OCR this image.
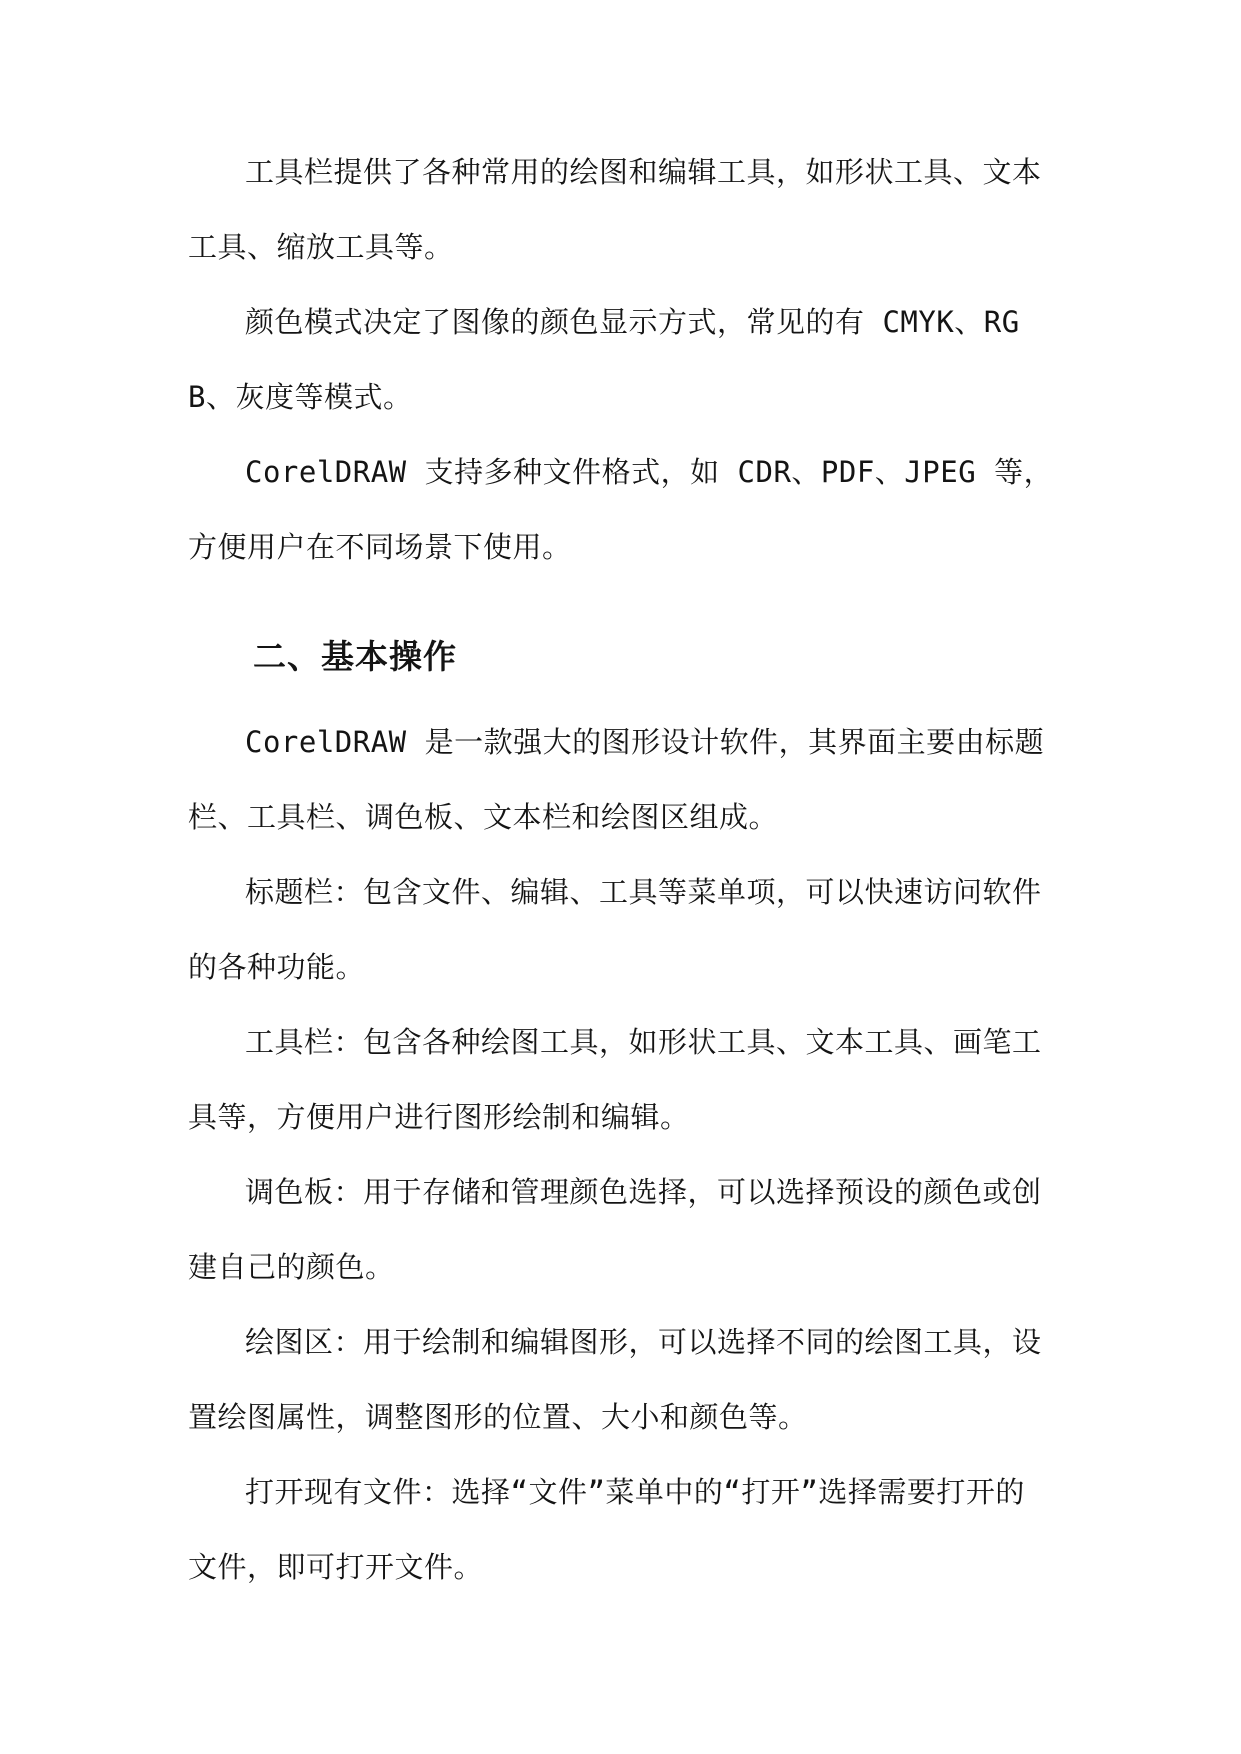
工具栏提供了各种常用的绘图和编辑工具，如形状工具、文本工具、缩放工具等。

颜色模式决定了图像的颜色显示方式，常见的有 CMYK、RGB、灰度等模式。

CorelDRAW 支持多种文件格式，如 CDR、PDF、JPEG 等，方便用户在不同场景下使用。

二、基本操作

CorelDRAW 是一款强大的图形设计软件，其界面主要由标题栏、工具栏、调色板、文本栏和绘图区组成。

标题栏：包含文件、编辑、工具等菜单项，可以快速访问软件的各种功能。

工具栏：包含各种绘图工具，如形状工具、文本工具、画笔工具等，方便用户进行图形绘制和编辑。

调色板：用于存储和管理颜色选择，可以选择预设的颜色或创建自己的颜色。

绘图区：用于绘制和编辑图形，可以选择不同的绘图工具，设置绘图属性，调整图形的位置、大小和颜色等。

打开现有文件：选择“文件”菜单中的“打开”选择需要打开的文件，即可打开文件。
